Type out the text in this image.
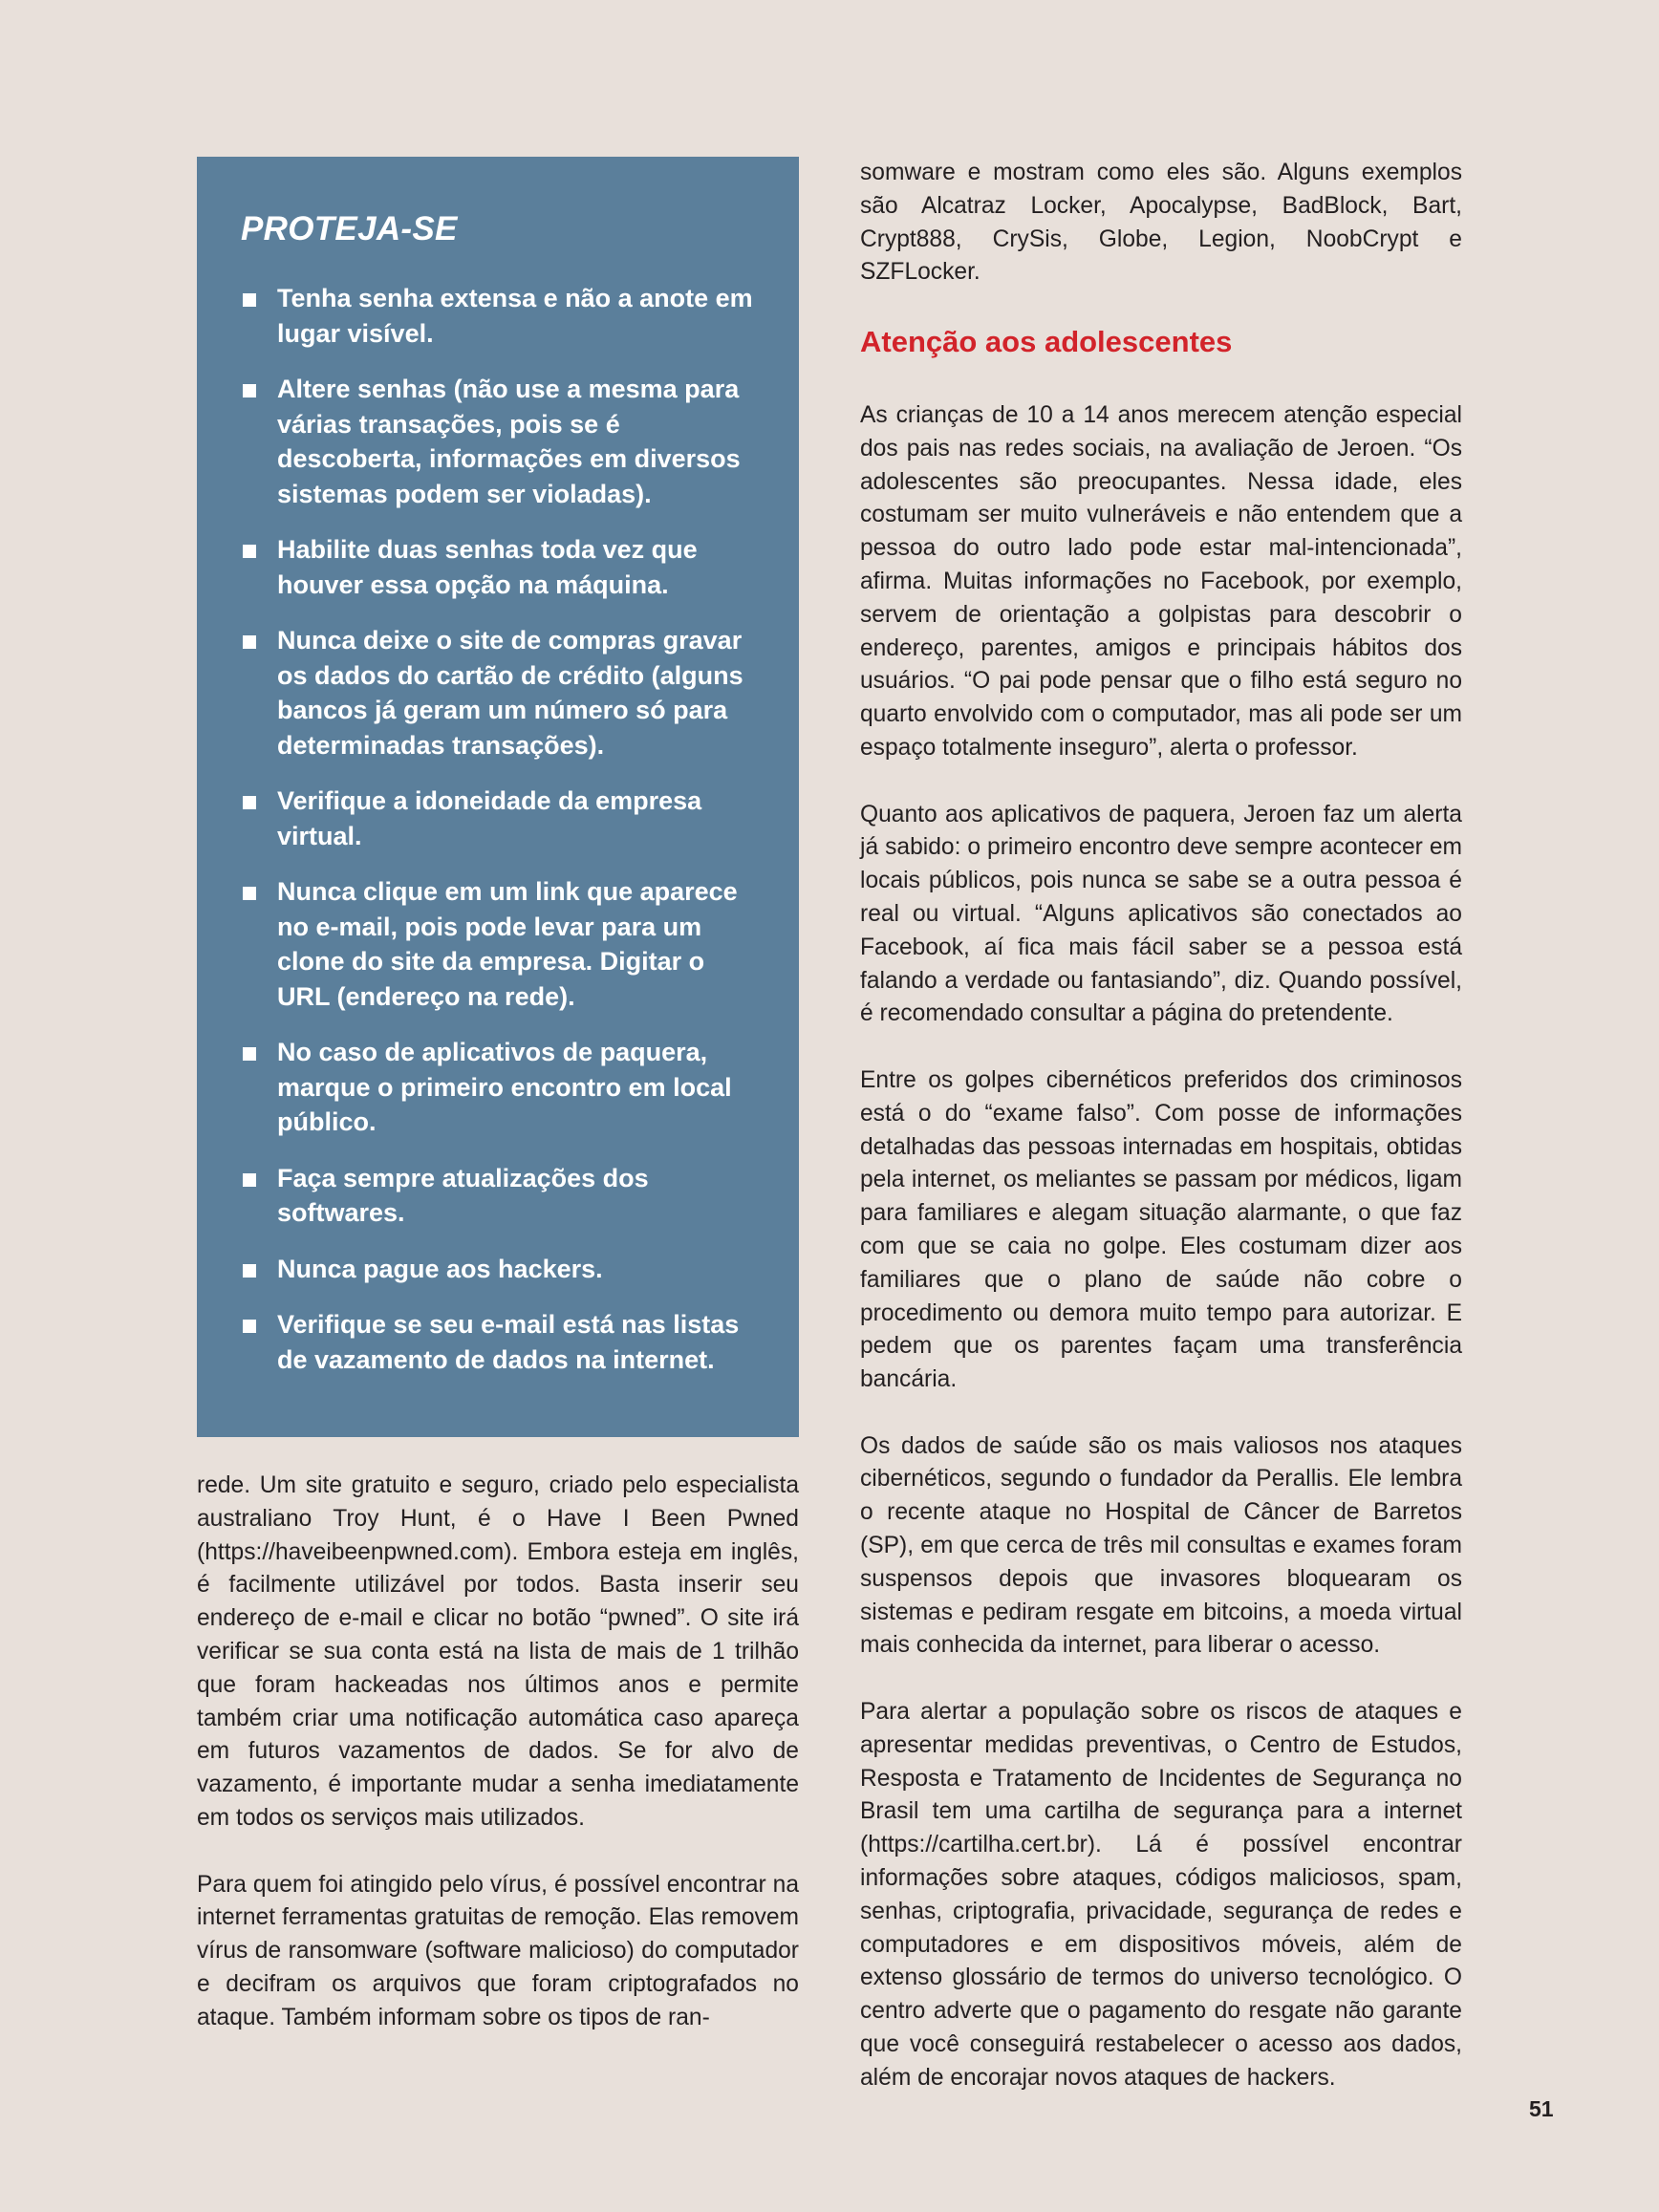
PROTEJA-SE
Tenha senha extensa e não a anote em lugar visível.
Altere senhas (não use a mesma para várias transações, pois se é descoberta, informações em diversos sistemas podem ser violadas).
Habilite duas senhas toda vez que houver essa opção na máquina.
Nunca deixe o site de compras gravar os dados do cartão de crédito (alguns bancos já geram um número só para determinadas transações).
Verifique a idoneidade da empresa virtual.
Nunca clique em um link que aparece no e-mail, pois pode levar para um clone do site da empresa. Digitar o URL (endereço na rede).
No caso de aplicativos de paquera, marque o primeiro encontro em local público.
Faça sempre atualizações dos softwares.
Nunca pague aos hackers.
Verifique se seu e-mail está nas listas de vazamento de dados na internet.

rede. Um site gratuito e seguro, criado pelo especialista australiano Troy Hunt, é o Have I Been Pwned (https://haveibeenpwned.com). Embora esteja em inglês, é facilmente utilizável por todos. Basta inserir seu endereço de e-mail e clicar no botão “pwned”. O site irá verificar se sua conta está na lista de mais de 1 trilhão que foram hackeadas nos últimos anos e permite também criar uma notificação automática caso apareça em futuros vazamentos de dados. Se for alvo de vazamento, é importante mudar a senha imediatamente em todos os serviços mais utilizados.

Para quem foi atingido pelo vírus, é possível encontrar na internet ferramentas gratuitas de remoção. Elas removem vírus de ransomware (software malicioso) do computador e decifram os arquivos que foram criptografados no ataque. Também informam sobre os tipos de ran-

somware e mostram como eles são. Alguns exemplos são Alcatraz Locker, Apocalypse, BadBlock, Bart, Crypt888, CrySis, Globe, Legion, NoobCrypt e SZFLocker.

Atenção aos adolescentes

As crianças de 10 a 14 anos merecem atenção especial dos pais nas redes sociais, na avaliação de Jeroen. “Os adolescentes são preocupantes. Nessa idade, eles costumam ser muito vulneráveis e não entendem que a pessoa do outro lado pode estar mal-intencionada”, afirma. Muitas informações no Facebook, por exemplo, servem de orientação a golpistas para descobrir o endereço, parentes, amigos e principais hábitos dos usuários. “O pai pode pensar que o filho está seguro no quarto envolvido com o computador, mas ali pode ser um espaço totalmente inseguro”, alerta o professor.

Quanto aos aplicativos de paquera, Jeroen faz um alerta já sabido: o primeiro encontro deve sempre acontecer em locais públicos, pois nunca se sabe se a outra pessoa é real ou virtual. “Alguns aplicativos são conectados ao Facebook, aí fica mais fácil saber se a pessoa está falando a verdade ou fantasiando”, diz. Quando possível, é recomendado consultar a página do pretendente.

Entre os golpes cibernéticos preferidos dos criminosos está o do “exame falso”. Com posse de informações detalhadas das pessoas internadas em hospitais, obtidas pela internet, os meliantes se passam por médicos, ligam para familiares e alegam situação alarmante, o que faz com que se caia no golpe. Eles costumam dizer aos familiares que o plano de saúde não cobre o procedimento ou demora muito tempo para autorizar. E pedem que os parentes façam uma transferência bancária.

Os dados de saúde são os mais valiosos nos ataques cibernéticos, segundo o fundador da Perallis. Ele lembra o recente ataque no Hospital de Câncer de Barretos (SP), em que cerca de três mil consultas e exames foram suspensos depois que invasores bloquearam os sistemas e pediram resgate em bitcoins, a moeda virtual mais conhecida da internet, para liberar o acesso.

Para alertar a população sobre os riscos de ataques e apresentar medidas preventivas, o Centro de Estudos, Resposta e Tratamento de Incidentes de Segurança no Brasil tem uma cartilha de segurança para a internet (https://cartilha.cert.br). Lá é possível encontrar informações sobre ataques, códigos maliciosos, spam, senhas, criptografia, privacidade, segurança de redes e computadores e em dispositivos móveis, além de extenso glossário de termos do universo tecnológico. O centro adverte que o pagamento do resgate não garante que você conseguirá restabelecer o acesso aos dados, além de encorajar novos ataques de hackers.

51
